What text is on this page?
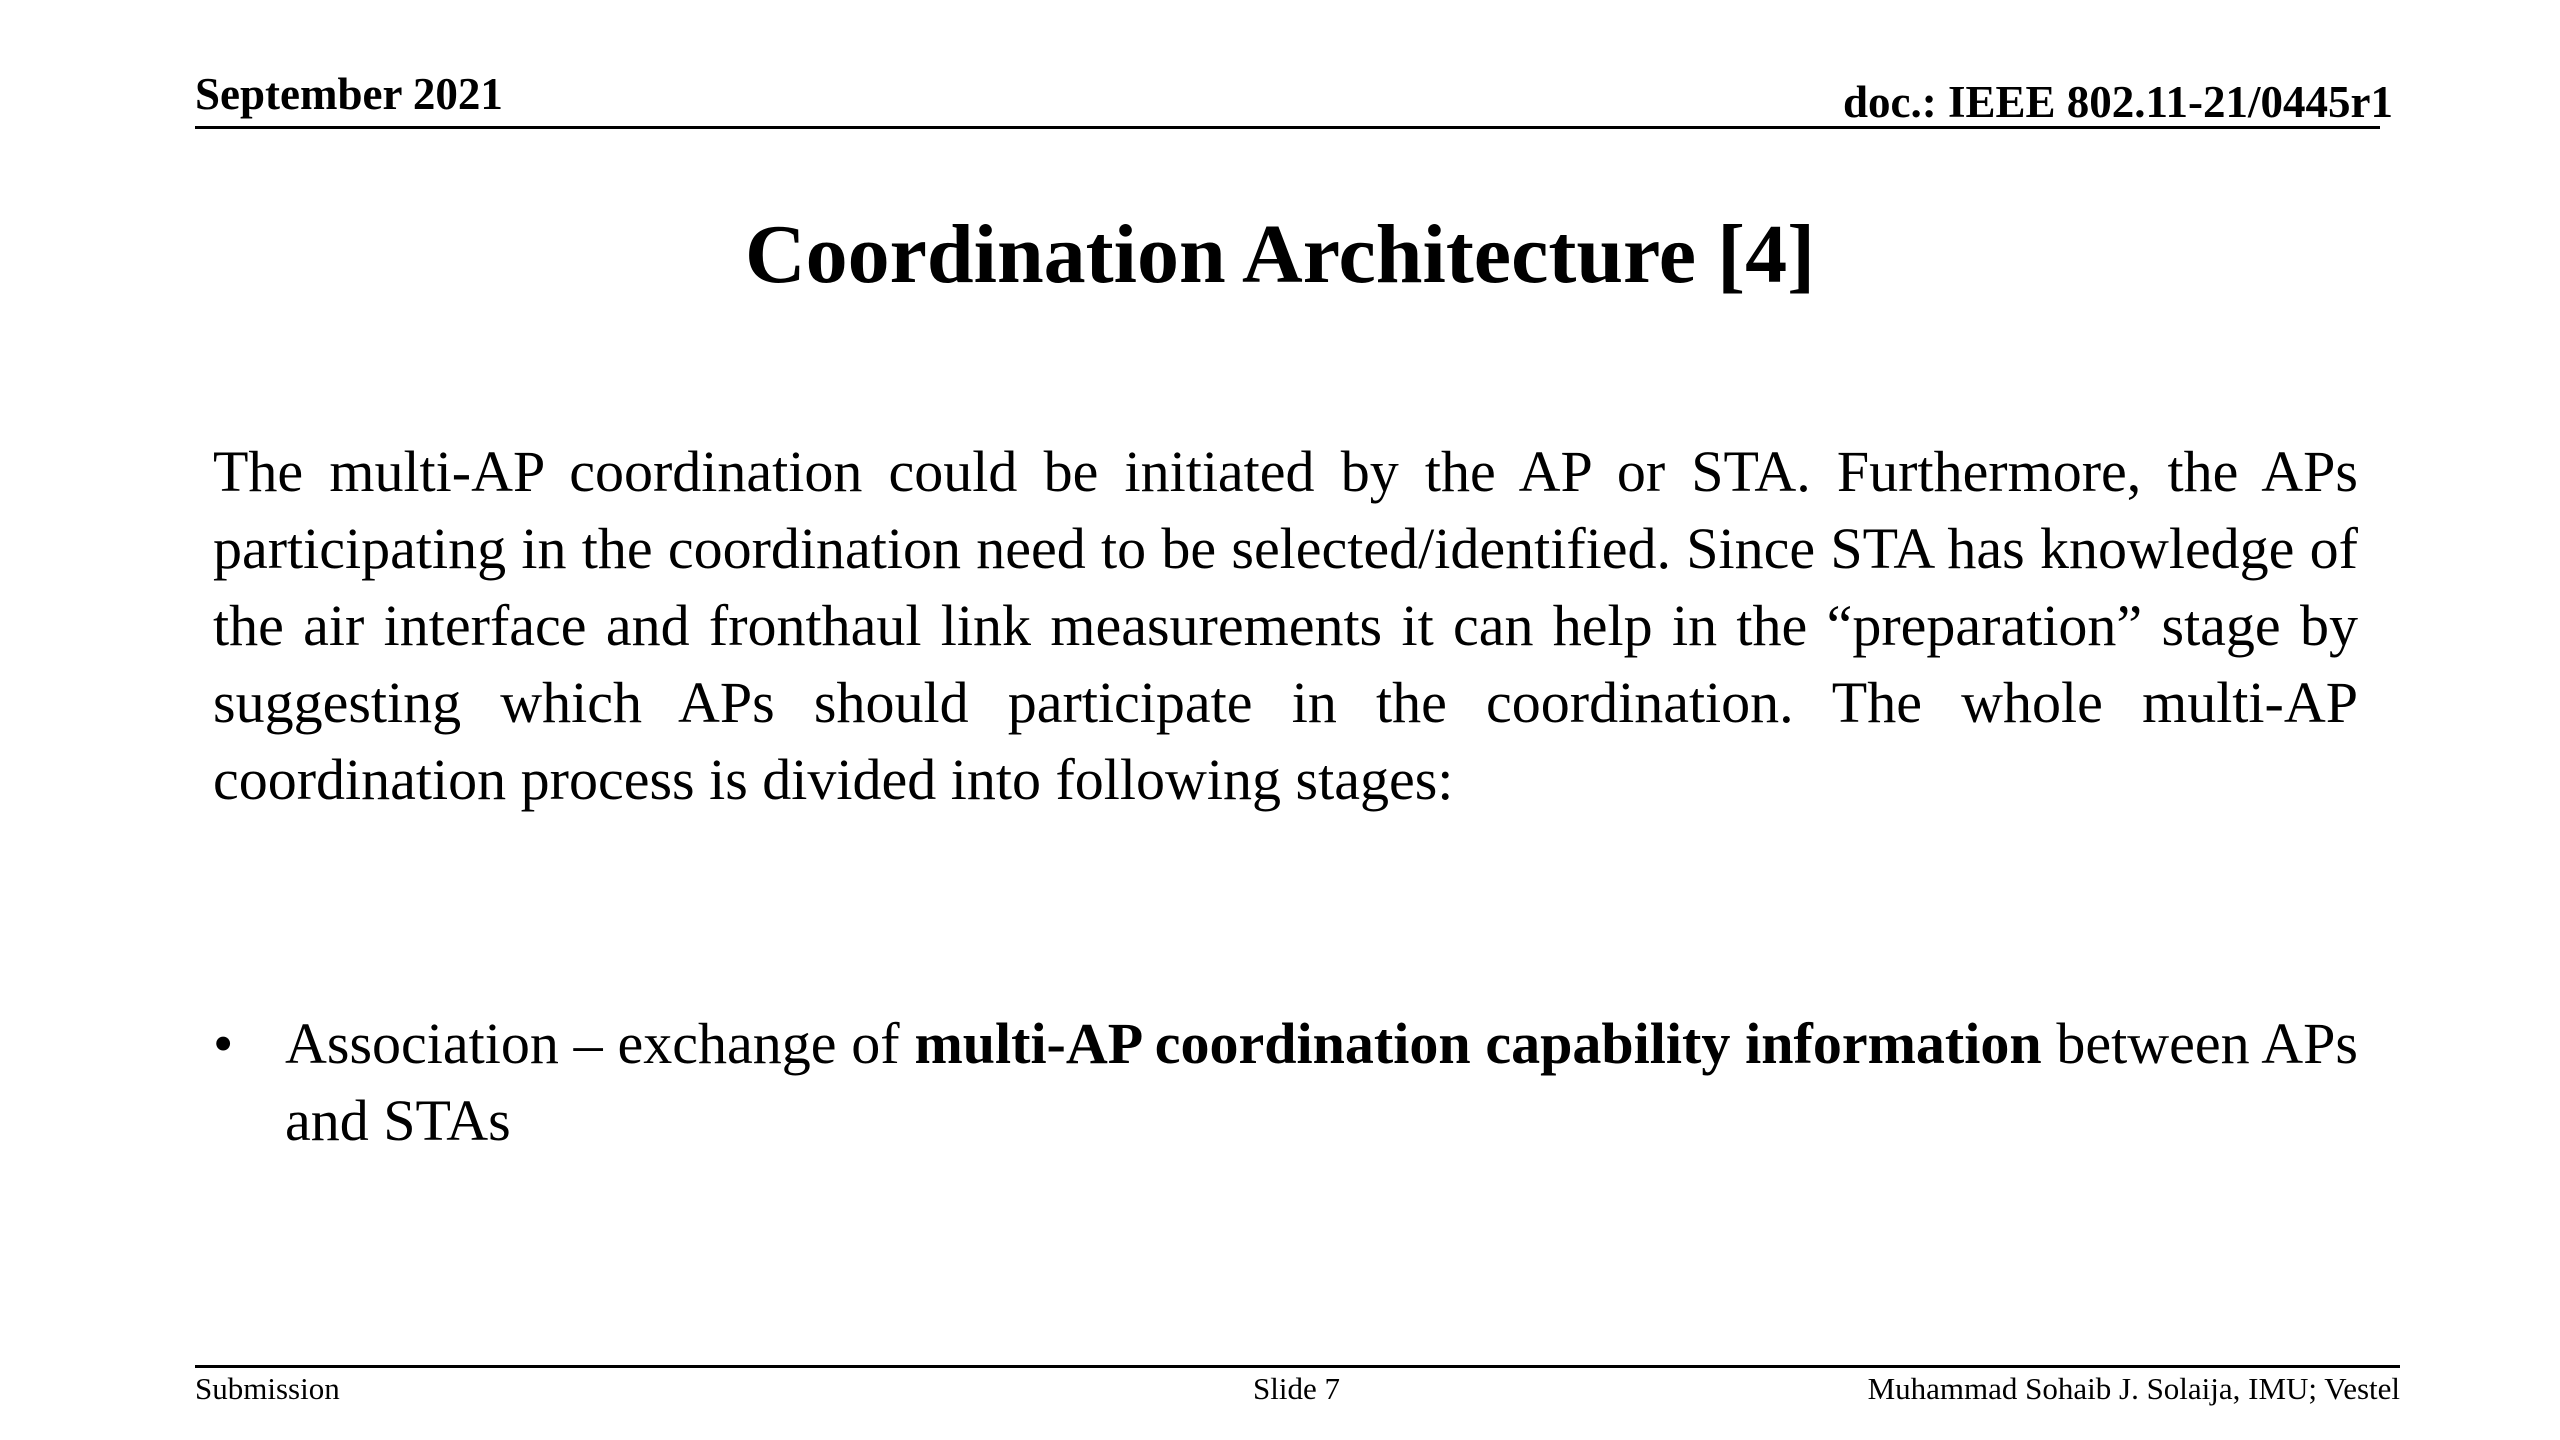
September 2021	doc.: IEEE 802.11-21/0445r1
Coordination Architecture [4]

The multi-AP coordination could be initiated by the AP or STA. Furthermore, the APs participating in the coordination need to be selected/identified. Since STA has knowledge of the air interface and fronthaul link measurements it can help in the “preparation” stage by suggesting which APs should participate in the coordination. The whole multi-AP coordination process is divided into following stages:

• Association – exchange of multi-AP coordination capability information between APs and STAs
Submission	Slide 7	Muhammad Sohaib J. Solaija, IMU; Vestel
